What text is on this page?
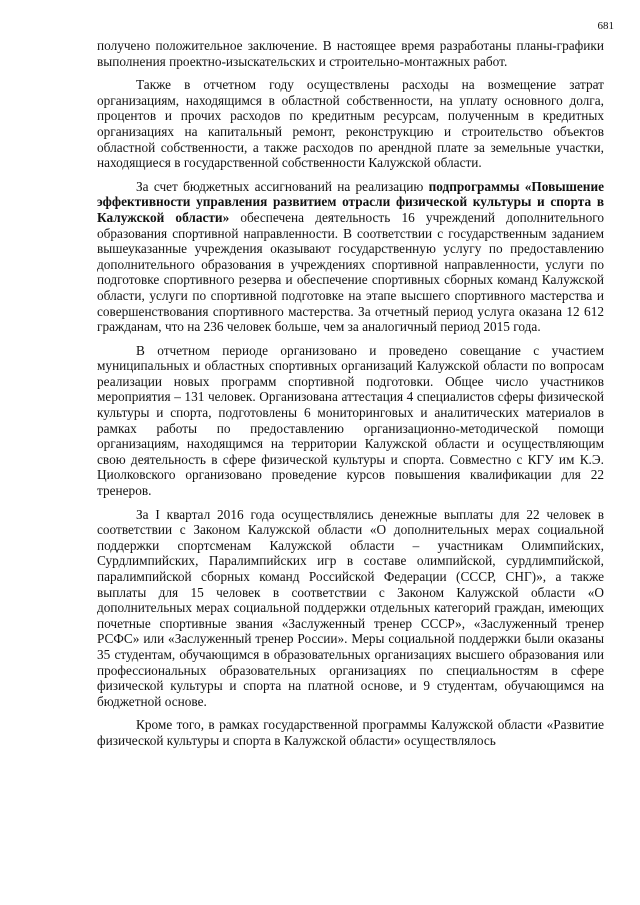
681

получено положительное заключение. В настоящее время разработаны планы-графики выполнения проектно-изыскательских и строительно-монтажных работ.

Также в отчетном году осуществлены расходы на возмещение затрат организациям, находящимся в областной собственности, на уплату основного долга, процентов и прочих расходов по кредитным ресурсам, полученным в кредитных организациях на капитальный ремонт, реконструкцию и строительство объектов областной собственности, а также расходов по арендной плате за земельные участки, находящиеся в государственной собственности Калужской области.

За счет бюджетных ассигнований на реализацию подпрограммы «Повышение эффективности управления развитием отрасли физической культуры и спорта в Калужской области» обеспечена деятельность 16 учреждений дополнительного образования спортивной направленности. В соответствии с государственным заданием вышеуказанные учреждения оказывают государственную услугу по предоставлению дополнительного образования в учреждениях спортивной направленности, услуги по подготовке спортивного резерва и обеспечение спортивных сборных команд Калужской области, услуги по спортивной подготовке на этапе высшего спортивного мастерства и совершенствования спортивного мастерства. За отчетный период услуга оказана 12 612 гражданам, что на 236 человек больше, чем за аналогичный период 2015 года.

В отчетном периоде организовано и проведено совещание с участием муниципальных и областных спортивных организаций Калужской области по вопросам реализации новых программ спортивной подготовки. Общее число участников мероприятия – 131 человек. Организована аттестация 4 специалистов сферы физической культуры и спорта, подготовлены 6 мониторинговых и аналитических материалов в рамках работы по предоставлению организационно-методической помощи организациям, находящимся на территории Калужской области и осуществляющим свою деятельность в сфере физической культуры и спорта. Совместно с КГУ им К.Э. Циолковского организовано проведение курсов повышения квалификации для 22 тренеров.

За I квартал 2016 года осуществлялись денежные выплаты для 22 человек в соответствии с Законом Калужской области «О дополнительных мерах социальной поддержки спортсменам Калужской области – участникам Олимпийских, Сурдлимпийских, Паралимпийских игр в составе олимпийской, сурдлимпийской, паралимпийской сборных команд Российской Федерации (СССР, СНГ)», а также выплаты для 15 человек в соответствии с Законом Калужской области «О дополнительных мерах социальной поддержки отдельных категорий граждан, имеющих почетные спортивные звания «Заслуженный тренер СССР», «Заслуженный тренер РСФС» или «Заслуженный тренер России». Меры социальной поддержки были оказаны 35 студентам, обучающимся в образовательных организациях высшего образования или профессиональных образовательных организациях по специальностям в сфере физической культуры и спорта на платной основе, и 9 студентам, обучающимся на бюджетной основе.

Кроме того, в рамках государственной программы Калужской области «Развитие физической культуры и спорта в Калужской области» осуществлялось
